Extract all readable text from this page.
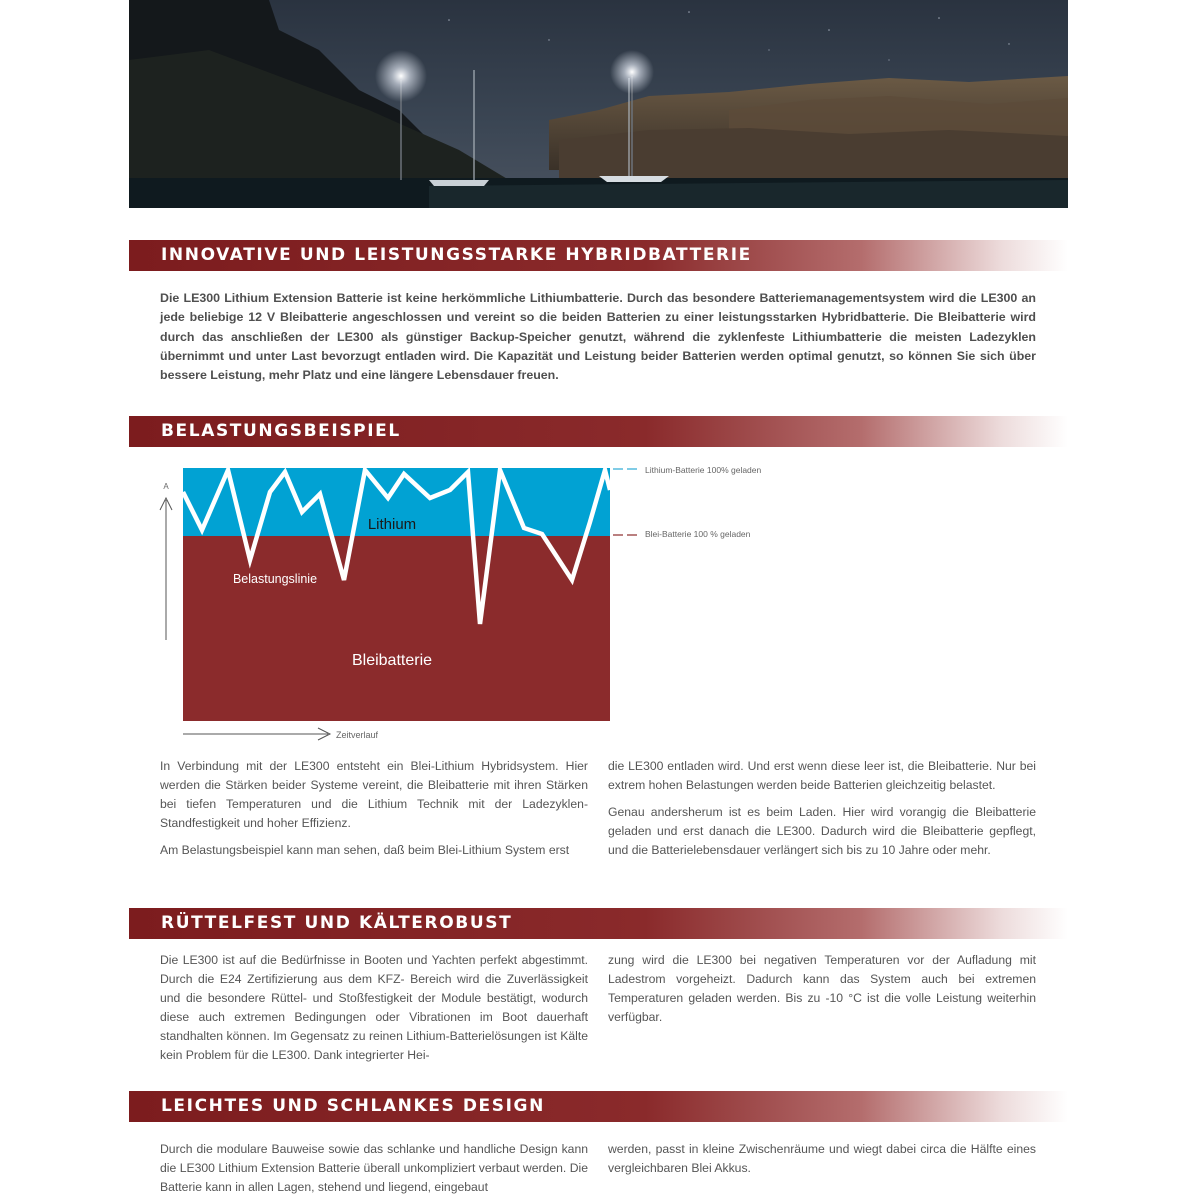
INNOVATIVE UND LEISTUNGSSTARKE HYBRIDBATTERIE
Die LE300 Lithium Extension Batterie ist keine herkömmliche Lithiumbatterie. Durch das besondere Batteriemanagementsystem wird die LE300 an jede beliebige 12 V Bleibatterie angeschlossen und vereint so die beiden Batterien zu einer leistungsstarken Hybridbatterie. Die Bleibatterie wird durch das anschließen der LE300 als günstiger Backup-Speicher genutzt, während die zyklenfeste Lithiumbatterie die meisten Ladezyklen übernimmt und unter Last bevorzugt entladen wird. Die Kapazität und Leistung beider Batterien werden optimal genutzt, so können Sie sich über bessere Leistung, mehr Platz und eine längere Lebensdauer freuen.
BELASTUNGSBEISPIEL
Lithium
Belastungslinie
Bleibatterie
A
Zeitverlauf
Lithium-Batterie 100% geladen
Blei-Batterie 100 % geladen

In Verbindung mit der LE300 entsteht ein Blei-Lithium Hybridsystem. Hier werden die Stärken beider Systeme vereint, die Bleibatterie mit ihren Stärken bei tiefen Temperaturen und die Lithium Technik mit der Ladezyklen-Standfestigkeit und hoher Effizienz.

Am Belastungsbeispiel kann man sehen, daß beim Blei-Lithium System erst

die LE300 entladen wird. Und erst wenn diese leer ist, die Bleibatterie. Nur bei extrem hohen Belastungen werden beide Batterien gleichzeitig belastet.

Genau andersherum ist es beim Laden. Hier wird vorangig die Bleibatterie geladen und erst danach die LE300. Dadurch wird die Bleibatterie gepflegt, und die Batterielebensdauer verlängert sich bis zu 10 Jahre oder mehr.

RÜTTELFEST UND KÄLTEROBUST

Die LE300 ist auf die Bedürfnisse in Booten und Yachten perfekt abgestimmt. Durch die E24 Zertifizierung aus dem KFZ- Bereich wird die Zuverlässigkeit und die besondere Rüttel- und Stoßfestigkeit der Module bestätigt, wodurch diese auch extremen Bedingungen oder Vibrationen im Boot dauerhaft standhalten können. Im Gegensatz zu reinen Lithium-Batterielösungen ist Kälte kein Problem für die LE300. Dank integrierter Hei-

zung wird die LE300 bei negativen Temperaturen vor der Aufladung mit Ladestrom vorgeheizt. Dadurch kann das System auch bei extremen Temperaturen geladen werden. Bis zu -10 °C ist die volle Leistung weiterhin verfügbar.

LEICHTES UND SCHLANKES DESIGN

Durch die modulare Bauweise sowie das schlanke und handliche Design kann die LE300 Lithium Extension Batterie überall unkompliziert verbaut werden. Die Batterie kann in allen Lagen, stehend und liegend, eingebaut

werden, passt in kleine Zwischenräume und wiegt dabei circa die Hälfte eines vergleichbaren Blei Akkus.
